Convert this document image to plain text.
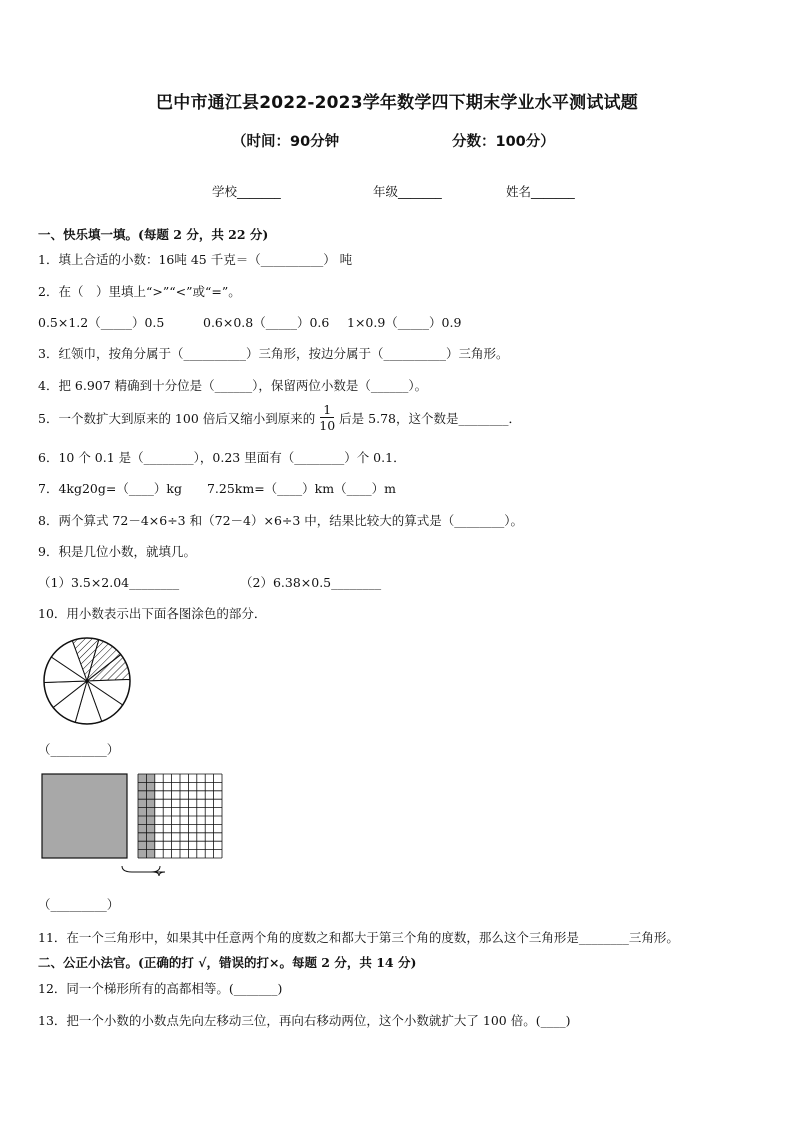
巴中市通江县2022-2023学年数学四下期末学业水平测试试题
（时间：90分钟	分数：100分）
学校_______	年级_______	姓名_______
一、快乐填一填。(每题 2 分，共 22 分)
1．填上合适的小数：16吨 45 千克＝（__________） 吨
2．在（　）里填上“>”“<”或“=”。
0.5×1.2（_____）0.5	0.6×0.8（_____）0.6 1×0.9（_____）0.9
3．红领巾，按角分属于（__________）三角形，按边分属于（__________）三角形。
4．把 6.907 精确到十分位是（______），保留两位小数是（______）。
5．一个数扩大到原来的 100 倍后又缩小到原来的 $\frac{1}{10}$ 后是 5.78，这个数是________．
6．10 个 0.1 是（________），0.23 里面有（________）个 0.1．
7．4kg20g=（____）kg　　7.25km=（____）km（____）m
8．两个算式 72－4×6÷3 和（72－4）×6÷3 中，结果比较大的算式是（________）。
9．积是几位小数，就填几。
（1）3.5×2.04________	（2）6.38×0.5________
10．用小数表示出下面各图涂色的部分．
（_________）
（_________）
11．在一个三角形中，如果其中任意两个角的度数之和都大于第三个角的度数，那么这个三角形是________三角形。
二、公正小法官。(正确的打 √，错误的打×。每题 2 分，共 14 分)
12．同一个梯形所有的高都相等。(_______)
13．把一个小数的小数点先向左移动三位，再向右移动两位，这个小数就扩大了 100 倍。(____)
